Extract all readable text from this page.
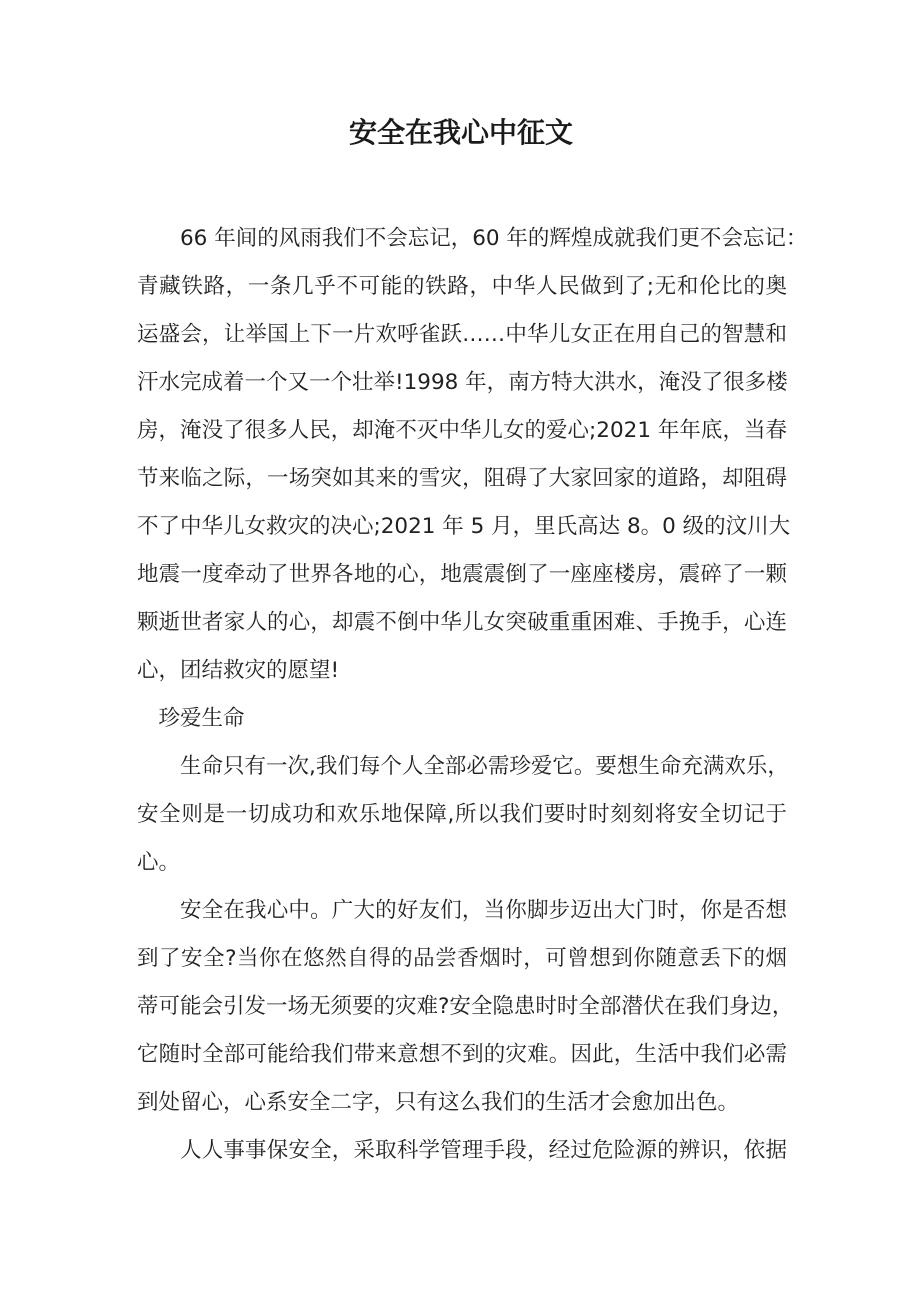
安全在我心中征文
66 年间的风雨我们不会忘记，60 年的辉煌成就我们更不会忘记：
青藏铁路，一条几乎不可能的铁路，中华人民做到了;无和伦比的奥
运盛会，让举国上下一片欢呼雀跃……中华儿女正在用自己的智慧和
汗水完成着一个又一个壮举!1998 年，南方特大洪水，淹没了很多楼
房，淹没了很多人民，却淹不灭中华儿女的爱心;2021 年年底，当春
节来临之际，一场突如其来的雪灾，阻碍了大家回家的道路，却阻碍
不了中华儿女救灾的决心;2021 年 5 月，里氏高达 8。0 级的汶川大
地震一度牵动了世界各地的心，地震震倒了一座座楼房，震碎了一颗
颗逝世者家人的心，却震不倒中华儿女突破重重困难、手挽手，心连
心，团结救灾的愿望!
珍爱生命
生命只有一次,我们每个人全部必需珍爱它。要想生命充满欢乐，
安全则是一切成功和欢乐地保障,所以我们要时时刻刻将安全切记于
心。
安全在我心中。广大的好友们，当你脚步迈出大门时，你是否想
到了安全?当你在悠然自得的品尝香烟时，可曾想到你随意丢下的烟
蒂可能会引发一场无须要的灾难?安全隐患时时全部潜伏在我们身边，
它随时全部可能给我们带来意想不到的灾难。因此，生活中我们必需
到处留心，心系安全二字，只有这么我们的生活才会愈加出色。
人人事事保安全，采取科学管理手段，经过危险源的辨识，依据
